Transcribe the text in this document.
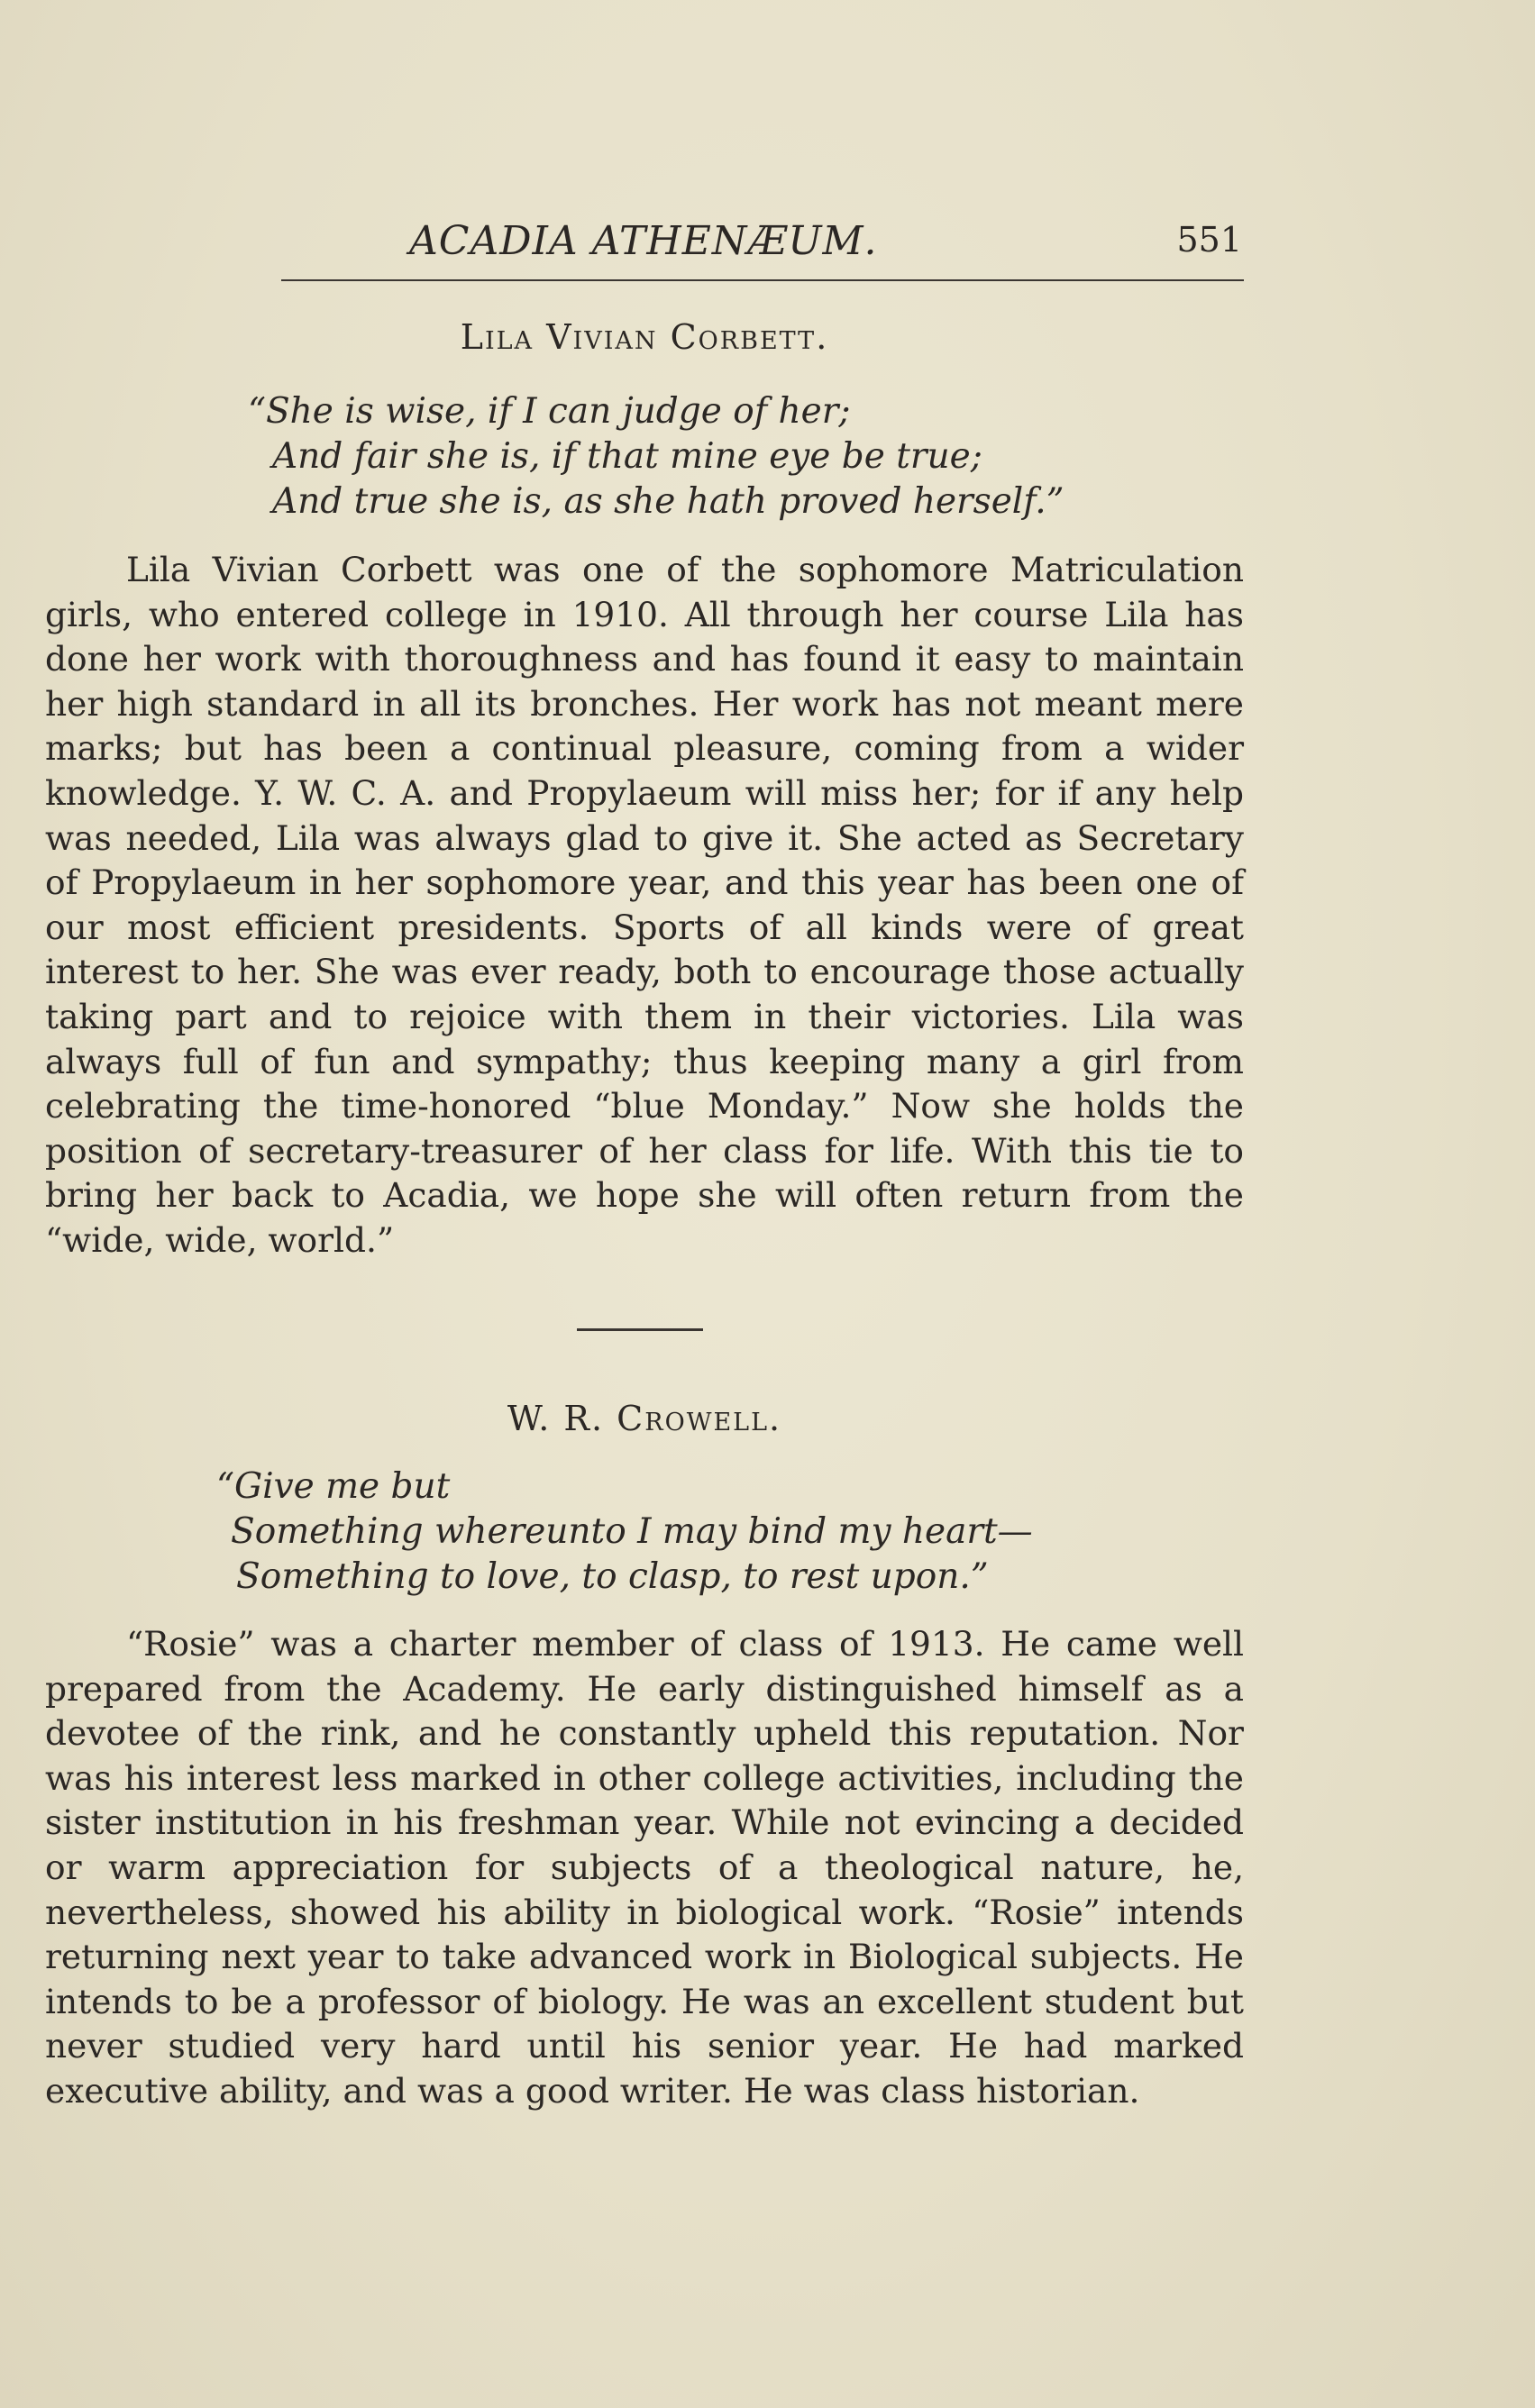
ACADIA ATHENÆUM.	551
Lila Vivian Corbett.
“She is wise, if I can judge of her;
And fair she is, if that mine eye be true;
And true she is, as she hath proved herself.”

Lila Vivian Corbett was one of the sophomore Matriculation girls, who entered college in 1910. All through her course Lila has done her work with thoroughness and has found it easy to maintain her high standard in all its bronches. Her work has not meant mere marks; but has been a continual pleasure, coming from a wider knowledge. Y. W. C. A. and Propylaeum will miss her; for if any help was needed, Lila was always glad to give it. She acted as Secretary of Propylaeum in her sophomore year, and this year has been one of our most efficient presidents. Sports of all kinds were of great interest to her. She was ever ready, both to encourage those actually taking part and to rejoice with them in their victories. Lila was always full of fun and sympathy; thus keeping many a girl from celebrating the time-honored “blue Monday.” Now she holds the position of secretary-treasurer of her class for life. With this tie to bring her back to Acadia, we hope she will often return from the “wide, wide, world.”

W. R. Crowell.
“Give me but
Something whereunto I may bind my heart—
Something to love, to clasp, to rest upon.”

“Rosie” was a charter member of class of 1913. He came well prepared from the Academy. He early distinguished himself as a devotee of the rink, and he constantly upheld this reputation. Nor was his interest less marked in other college activities, including the sister institution in his freshman year. While not evincing a decided or warm appreciation for subjects of a theological nature, he, nevertheless, showed his ability in biological work. “Rosie” intends returning next year to take advanced work in Biological subjects. He intends to be a professor of biology. He was an excellent student but never studied very hard until his senior year. He had marked executive ability, and was a good writer. He was class historian.
